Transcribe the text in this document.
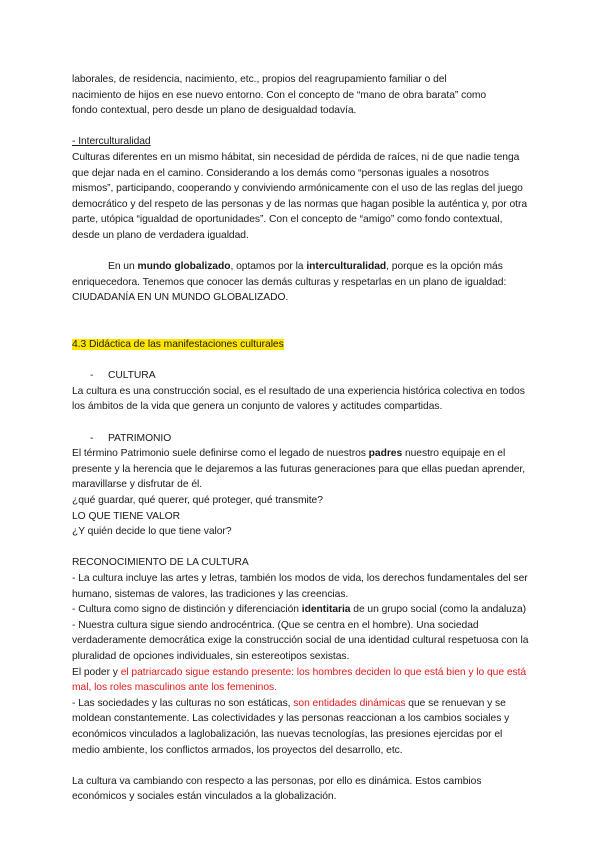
laborales, de residencia, nacimiento, etc., propios del reagrupamiento familiar o del

nacimiento de hijos en ese nuevo entorno. Con el concepto de “mano de obra barata” como

fondo contextual, pero desde un plano de desigualdad todavía.

- Interculturalidad

Culturas diferentes en un mismo hábitat, sin necesidad de pérdida de raíces, ni de que nadie tenga que dejar nada en el camino. Considerando a los demás como “personas iguales a nosotros mismos”, participando, cooperando y conviviendo armónicamente con el uso de las reglas del juego democrático y del respeto de las personas y de las normas que hagan posible la auténtica y, por otra parte, utópica “igualdad de oportunidades”. Con el concepto de “amigo” como fondo contextual, desde un plano de verdadera igualdad.

En un mundo globalizado, optamos por la interculturalidad, porque es la opción más enriquecedora. Tenemos que conocer las demás culturas y respetarlas en un plano de igualdad: CIUDADANÍA EN UN MUNDO GLOBALIZADO.

4.3 Didáctica de las manifestaciones culturales

- CULTURA

La cultura es una construcción social, es el resultado de una experiencia histórica colectiva en todos los ámbitos de la vida que genera un conjunto de valores y actitudes compartidas.

- PATRIMONIO

El término Patrimonio suele definirse como el legado de nuestros padres nuestro equipaje en el presente y la herencia que le dejaremos a las futuras generaciones para que ellas puedan aprender, maravillarse y disfrutar de él.

¿qué guardar, qué querer, qué proteger, qué transmite?

LO QUE TIENE VALOR

¿Y quién decide lo que tiene valor?

RECONOCIMIENTO DE LA CULTURA

- La cultura incluye las artes y letras, también los modos de vida, los derechos fundamentales del ser humano, sistemas de valores, las tradiciones y las creencias.

- Cultura como signo de distinción y diferenciación identitaria de un grupo social (como la andaluza)

- Nuestra cultura sigue siendo androcéntrica. (Que se centra en el hombre). Una sociedad verdaderamente democrática exige la construcción social de una identidad cultural respetuosa con la pluralidad de opciones individuales, sin estereotipos sexistas.

El poder y el patriarcado sigue estando presente: los hombres deciden lo que está bien y lo que está mal, los roles masculinos ante los femeninos.

- Las sociedades y las culturas no son estáticas, son entidades dinámicas que se renuevan y se moldean constantemente. Las colectividades y las personas reaccionan a los cambios sociales y económicos vinculados a laglobalización, las nuevas tecnologías, las presiones ejercidas por el medio ambiente, los conflictos armados, los proyectos del desarrollo, etc.

La cultura va cambiando con respecto a las personas, por ello es dinámica. Estos cambios económicos y sociales están vinculados a la globalización.
